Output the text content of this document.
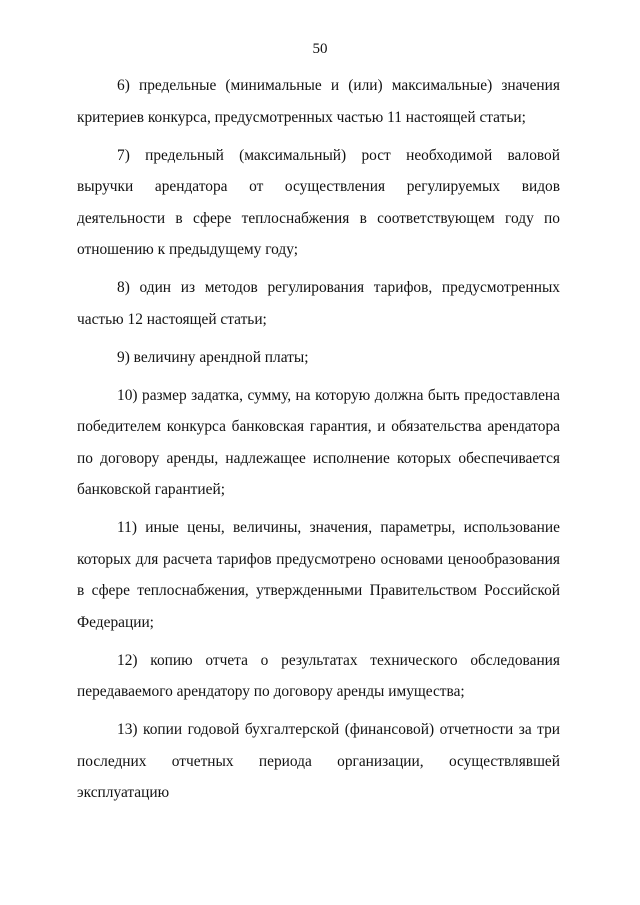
50

6) предельные (минимальные и (или) максимальные) значения критериев конкурса, предусмотренных частью 11 настоящей статьи;

7) предельный (максимальный) рост необходимой валовой выручки арендатора от осуществления регулируемых видов деятельности в сфере теплоснабжения в соответствующем году по отношению к предыдущему году;

8) один из методов регулирования тарифов, предусмотренных частью 12 настоящей статьи;

9) величину арендной платы;

10) размер задатка, сумму, на которую должна быть предоставлена победителем конкурса банковская гарантия, и обязательства арендатора по договору аренды, надлежащее исполнение которых обеспечивается банковской гарантией;

11) иные цены, величины, значения, параметры, использование которых для расчета тарифов предусмотрено основами ценообразования в сфере теплоснабжения, утвержденными Правительством Российской Федерации;

12) копию отчета о результатах технического обследования передаваемого арендатору по договору аренды имущества;

13) копии годовой бухгалтерской (финансовой) отчетности за три последних отчетных периода организации, осуществлявшей эксплуатацию
